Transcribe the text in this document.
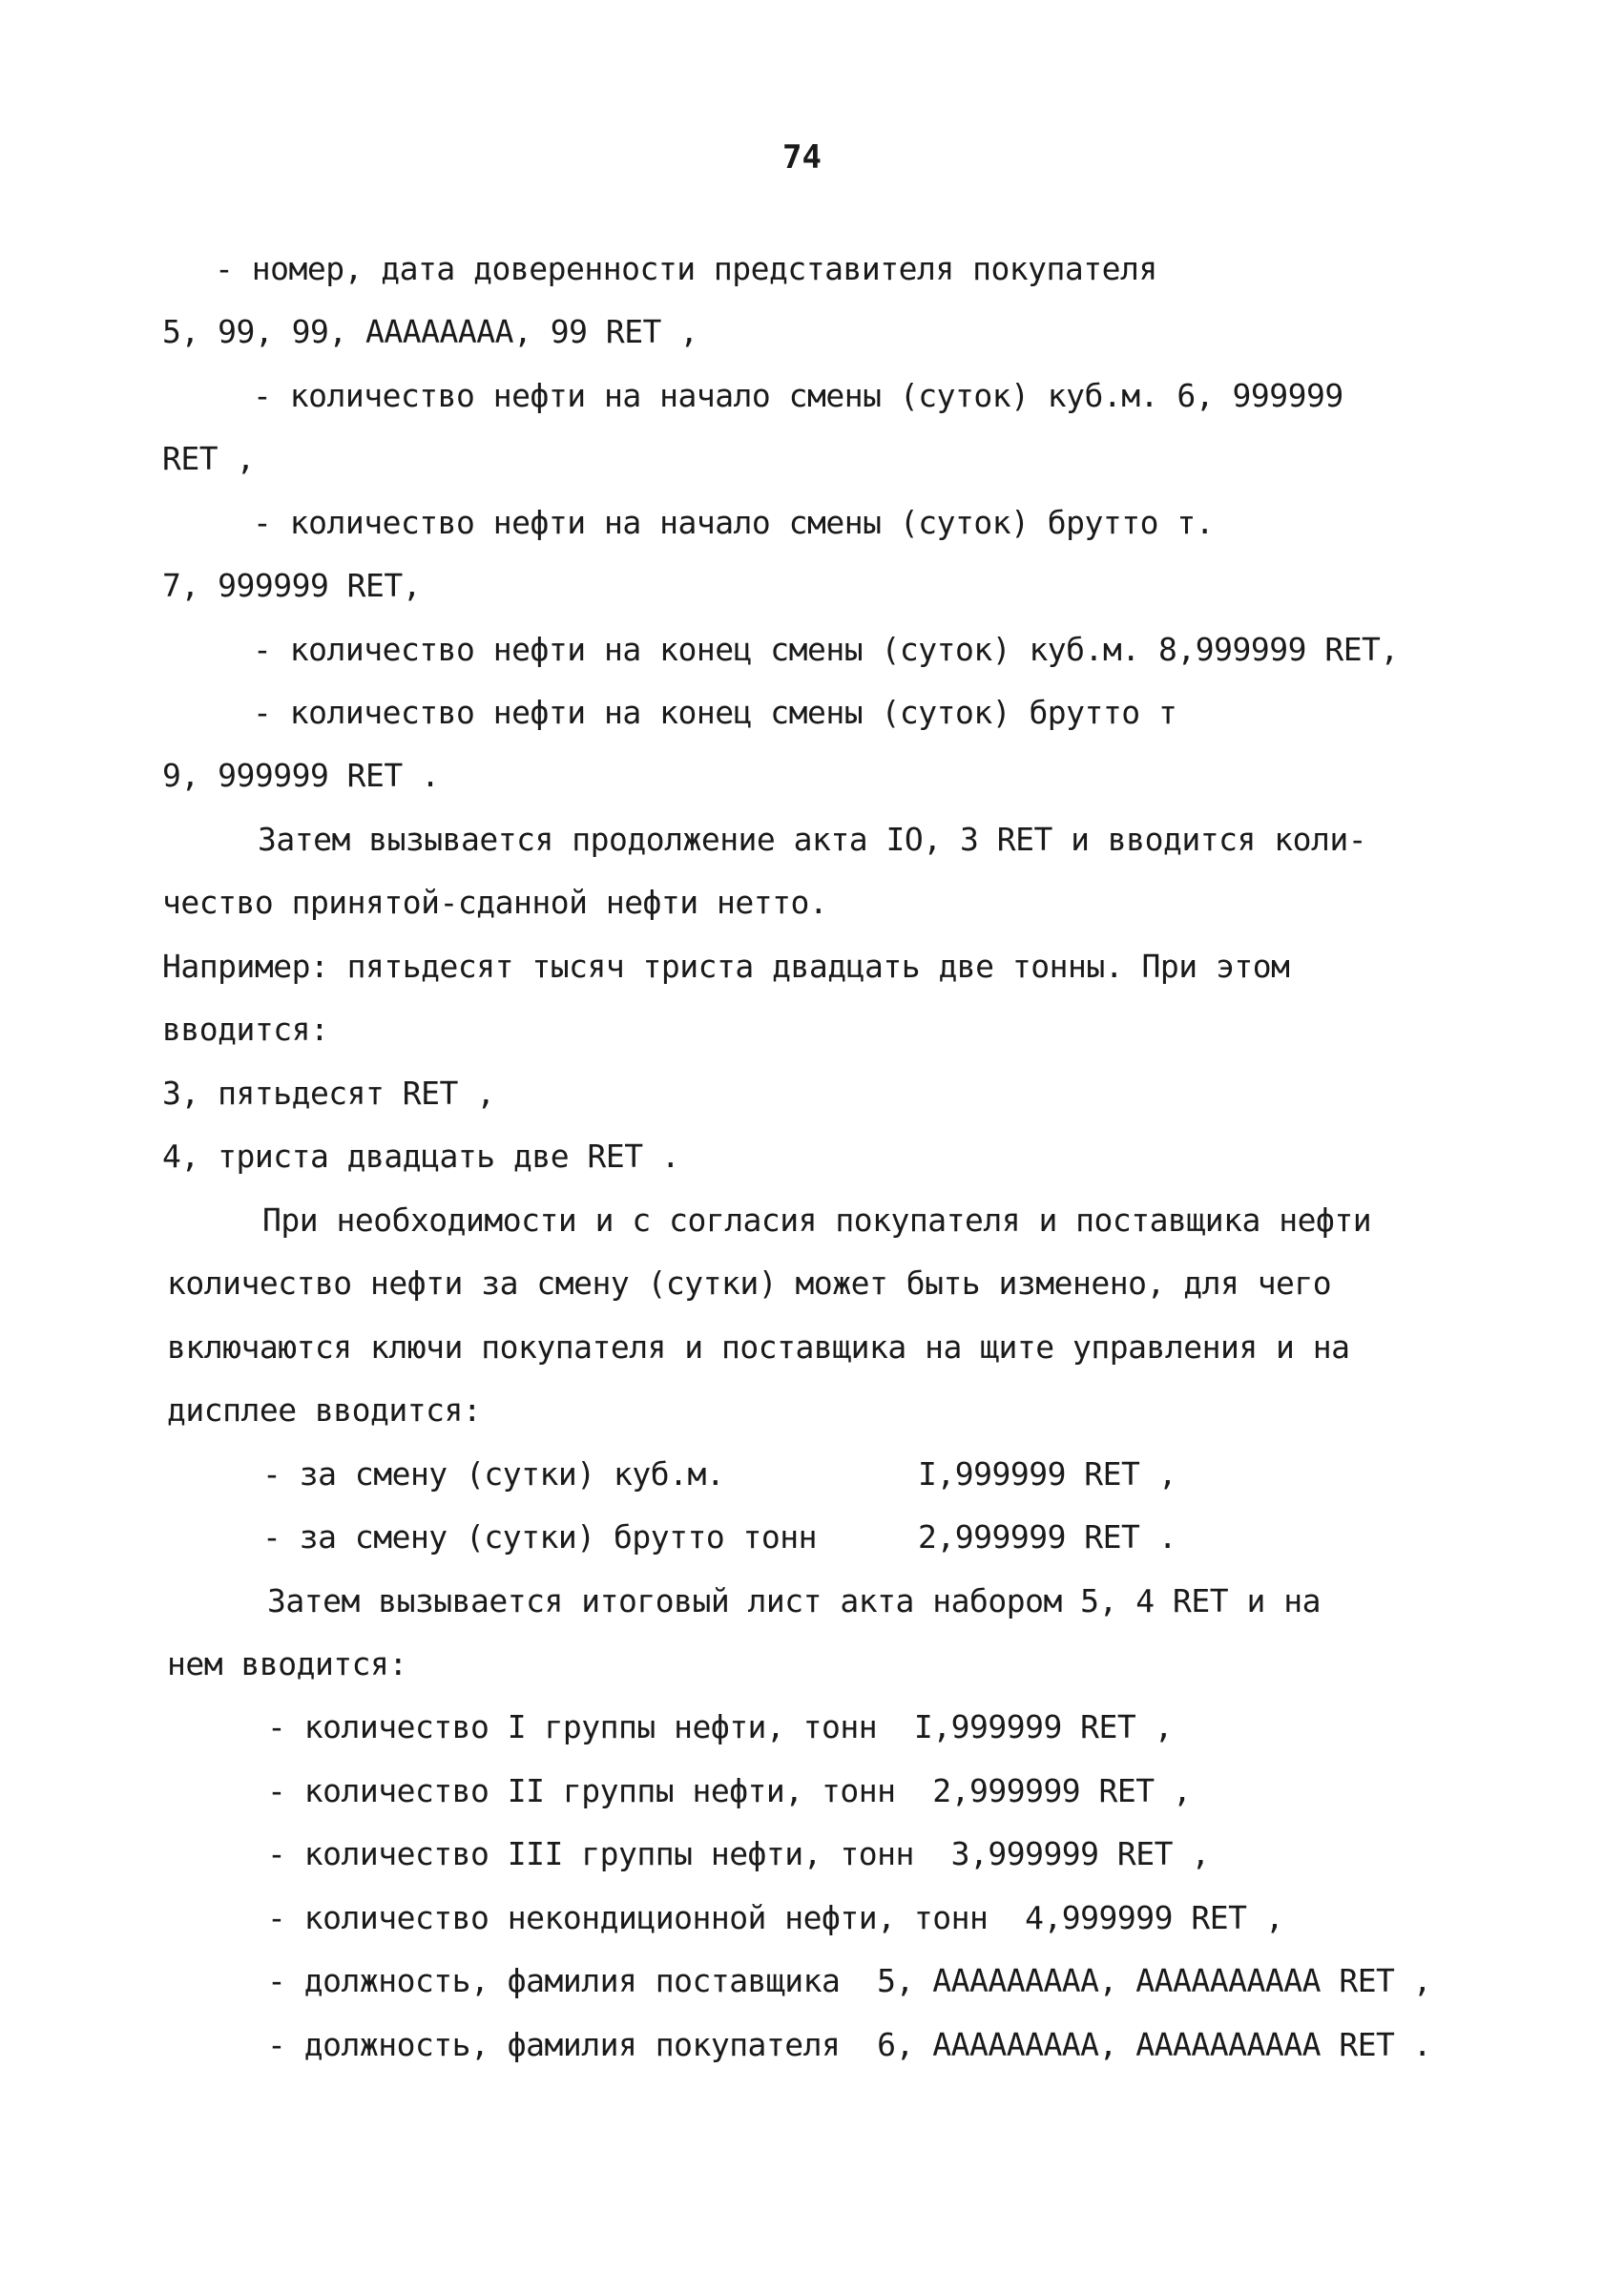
74
- номер, дата доверенности представителя покупателя
5, 99, 99, АААААААА, 99 RET ,
- количество нефти на начало смены (суток) куб.м. 6, 999999
RET ,
- количество нефти на начало смены (суток) брутто т.
7, 999999 RET,
- количество нефти на конец смены (суток) куб.м. 8,999999 RET,
- количество нефти на конец смены (суток) брутто т
9, 999999 RET .
Затем вызывается продолжение акта IO, 3 RET и вводится коли-
чество принятой-сданной нефти нетто.
Например: пятьдесят тысяч триста двадцать две тонны. При этом
вводится:
3, пятьдесят RET ,
4, триста двадцать две RET .
При необходимости и с согласия покупателя и поставщика нефти
количество нефти за смену (сутки) может быть изменено, для чего
включаются ключи покупателя и поставщика на щите управления и на
дисплее вводится:
- за смену (сутки) куб.м.	I,999999 RET ,
- за смену (сутки) брутто тонн	2,999999 RET .
Затем вызывается итоговый лист акта набором 5, 4 RET и на
нем вводится:
- количество I группы нефти, тонн  I,999999 RET ,
- количество II группы нефти, тонн  2,999999 RET ,
- количество III группы нефти, тонн  3,999999 RET ,
- количество некондиционной нефти, тонн  4,999999 RET ,
- должность, фамилия поставщика  5, ААААААААА, АААААААААА RET ,
- должность, фамилия покупателя  6, ААААААААА, АААААААААА RET .
